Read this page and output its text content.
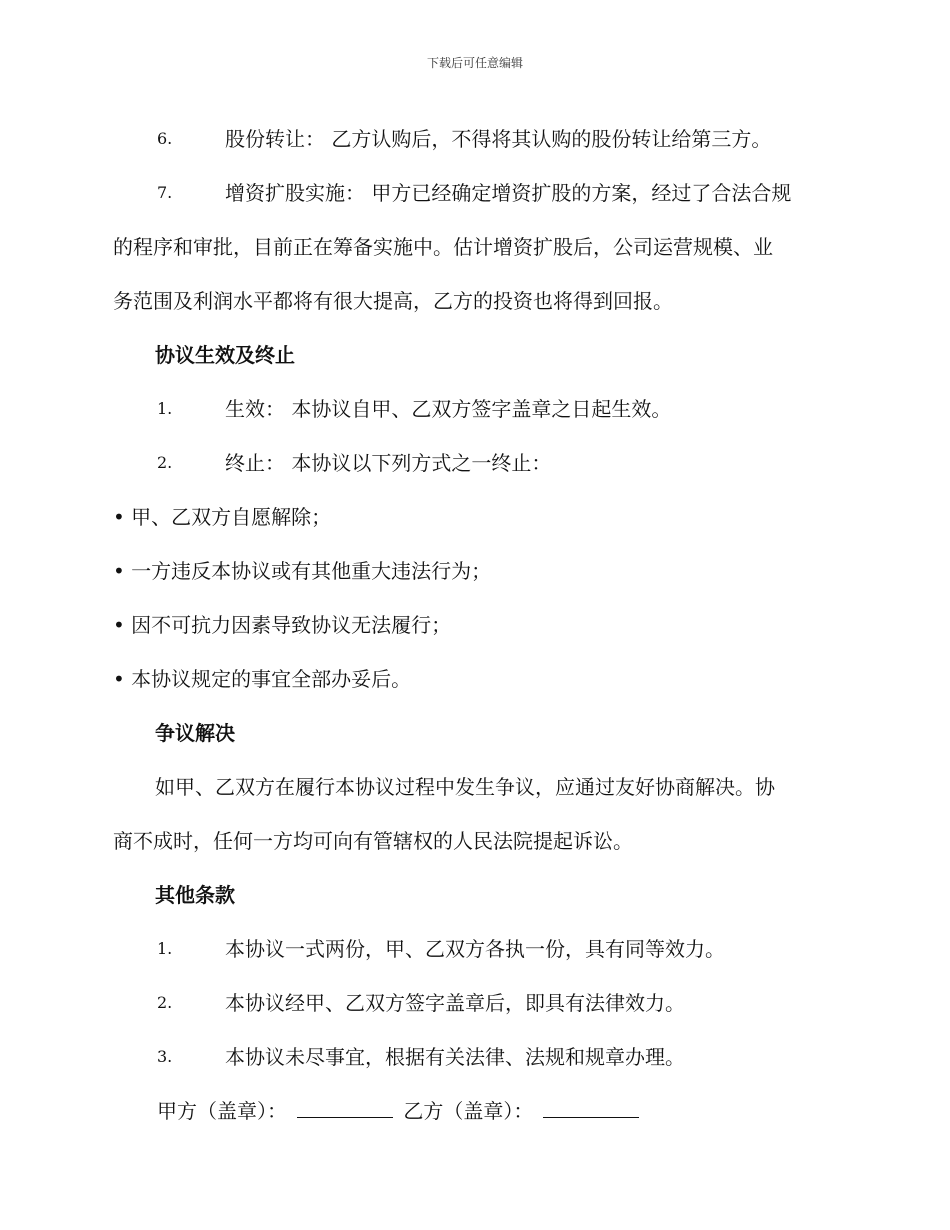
下载后可任意编辑
6.	股份转让： 乙方认购后，不得将其认购的股份转让给第三方。
7.	增资扩股实施： 甲方已经确定增资扩股的方案，经过了合法合规
的程序和审批，目前正在筹备实施中。估计增资扩股后，公司运营规模、业
务范围及利润水平都将有很大提高，乙方的投资也将得到回报。
协议生效及终止
1.	生效： 本协议自甲、乙双方签字盖章之日起生效。
2.	终止： 本协议以下列方式之一终止：
• 甲、乙双方自愿解除；
• 一方违反本协议或有其他重大违法行为；
• 因不可抗力因素导致协议无法履行；
• 本协议规定的事宜全部办妥后。
争议解决
如甲、乙双方在履行本协议过程中发生争议，应通过友好协商解决。协
商不成时，任何一方均可向有管辖权的人民法院提起诉讼。
其他条款
1.	本协议一式两份，甲、乙双方各执一份，具有同等效力。
2.	本协议经甲、乙双方签字盖章后，即具有法律效力。
3.	本协议未尽事宜，根据有关法律、法规和规章办理。
甲方（盖章）：	乙方（盖章）：
